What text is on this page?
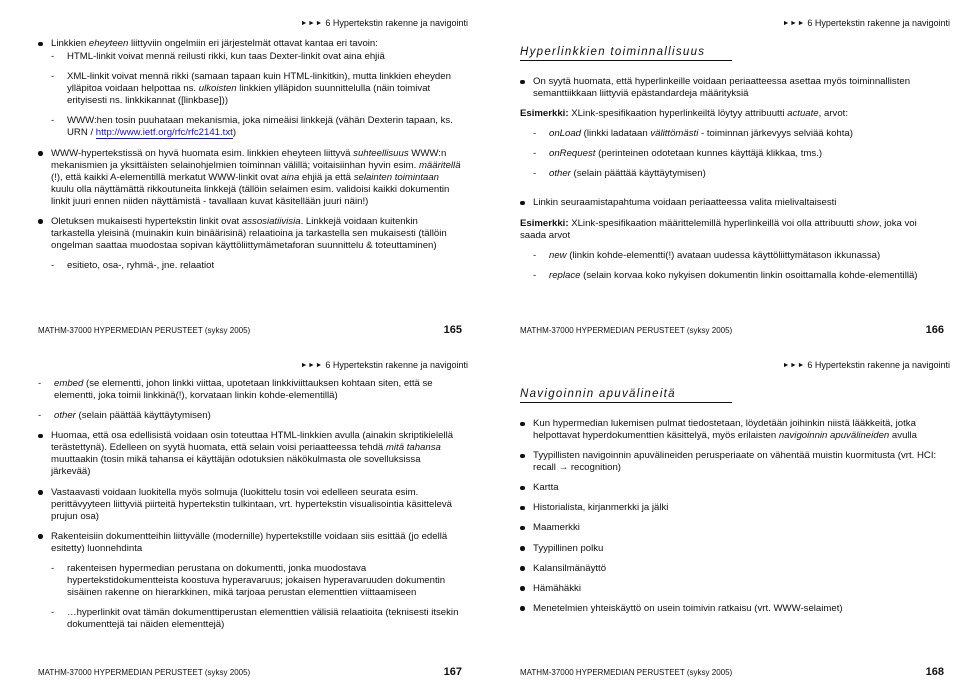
►►► 6 Hypertekstin rakenne ja navigointi
Linkkien eheyteen liittyviin ongelmiin eri järjestelmät ottavat kantaa eri tavoin:
- HTML-linkit voivat mennä reilusti rikki, kun taas Dexter-linkit ovat aina ehjiä
- XML-linkit voivat mennä rikki (samaan tapaan kuin HTML-linkitkin), mutta linkkien eheyden ylläpitoa voidaan helpottaa ns. ulkoisten linkkien ylläpidon suunnittelulla (näin toimivat erityisesti ns. linkkikannat ([linkbase]))
- WWW:hen tosin puuhataan mekanismia, joka nimeäisi linkkejä (vähän Dexterin tapaan, ks. URN / http://www.ietf.org/rfc/rfc2141.txt)
WWW-hypertekstissä on hyvä huomata esim. linkkien eheyteen liittyvä suhteellisuus WWW:n mekanismien ja yksittäisten selainohjelmien toiminnan välillä; voitaisiinhan hyvin esim. määritellä (!), että kaikki A-elementillä merkatut WWW-linkit ovat aina ehjiä ja että selainten toimintaan kuulu olla näyttämättä rikkoutuneita linkkejä (tällöin selaimen esim. validoisi kaikki dokumentin linkit juuri ennen niiden näyttämistä - tavallaan kuvat käsitellään juuri näin!)
Oletuksen mukaisesti hypertekstin linkit ovat assosiatiivisia. Linkkejä voidaan kuitenkin tarkastella yleisinä (muinakin kuin binäärisinä) relaatioina ja tarkastella sen mukaisesti (tällöin ongelman saattaa muodostaa sopivan käyttöliittymämetaforan suunnittelu & toteuttaminen)
- esitieto, osa-, ryhmä-, jne. relaatiot
MATHM-37000 HYPERMEDIAN PERUSTEET (syksy 2005)	165
►►► 6 Hypertekstin rakenne ja navigointi
Hyperlinkkien toiminnallisuus
On syytä huomata, että hyperlinkeille voidaan periaatteessa asettaa myös toiminnallisten semanttiikkaan liittyviä epästandardeja määrityksiä
Esimerkki: XLink-spesifikaation hyperlinkeiltä löytyy attribuutti actuate, arvot:
- onLoad (linkki ladataan välittömästi - toiminnan järkevyys selviää kohta)
- onRequest (perinteinen odotetaan kunnes käyttäjä klikkaa, tms.)
- other (selain päättää käyttäytymisen)
Linkin seuraamistapahtuma voidaan periaatteessa valita mielivaltaisesti
Esimerkki: XLink-spesifikaation määrittelemillä hyperlinkeillä voi olla attribuutti show, joka voi saada arvot
- new (linkin kohde-elementti(!) avataan uudessa käyttöliittymätason ikkunassa)
- replace (selain korvaa koko nykyisen dokumentin linkin osoittamalla kohde-elementillä)
MATHM-37000 HYPERMEDIAN PERUSTEET (syksy 2005)	166
►►► 6 Hypertekstin rakenne ja navigointi
- embed (se elementti, johon linkki viittaa, upotetaan linkkiviittauksen kohtaan siten, että se elementti, joka toimii linkkinä(!), korvataan linkin kohde-elementillä)
- other (selain päättää käyttäytymisen)
Huomaa, että osa edellisistä voidaan osin toteuttaa HTML-linkkien avulla (ainakin skriptikielellä terästettynä). Edelleen on syytä huomata, että selain voisi periaatteessa tehdä mitä tahansa muuttaakin (tosin mikä tahansa ei käyttäjän odotuksien näkökulmasta ole sovelluksissa järkevää)
Vastaavasti voidaan luokitella myös solmuja (luokittelu tosin voi edelleen seurata esim. perittävyyteen liittyviä piirteitä hypertekstin tulkintaan, vrt. hypertekstin visualisointia käsittelevä prujun osa)
Rakenteisiin dokumentteihin liittyvälle (modernille) hypertekstille voidaan siis esittää (jo edellä esitetty) luonnehdinta
- rakenteisen hypermedian perustana on dokumentti, jonka muodostava hypertekstidokumentteista koostuva hyperavaruus; jokaisen hyperavaruuden dokumentin sisäinen rakenne on hierarkkinen, mikä tarjoaa perustan elementtien viittaamiseen
- …hyperlinkit ovat tämän dokumenttiperustan elementtien välisiä relaatioita (teknisesti itsekin dokumenttejä tai näiden elementtejä)
MATHM-37000 HYPERMEDIAN PERUSTEET (syksy 2005)	167
►►► 6 Hypertekstin rakenne ja navigointi
Navigoinnin apuvälineitä
Kun hypermedian lukemisen pulmat tiedostetaan, löydetään joihinkin niistä lääkkeitä, jotka helpottavat hyperdokumenttien käsittelyä, myös erilaisten navigoinnin apuvälineiden avulla
Tyypillisten navigoinnin apuvälineiden perusperiaate on vähentää muistin kuormitusta (vrt. HCI: recall → recognition)
Kartta
Historialista, kirjanmerkki ja jälki
Maamerkki
Tyypillinen polku
Kalansilmänäyttö
Hämähäkki
Menetelmien yhteiskäyttö on usein toimivin ratkaisu (vrt. WWW-selaimet)
MATHM-37000 HYPERMEDIAN PERUSTEET (syksy 2005)	168
